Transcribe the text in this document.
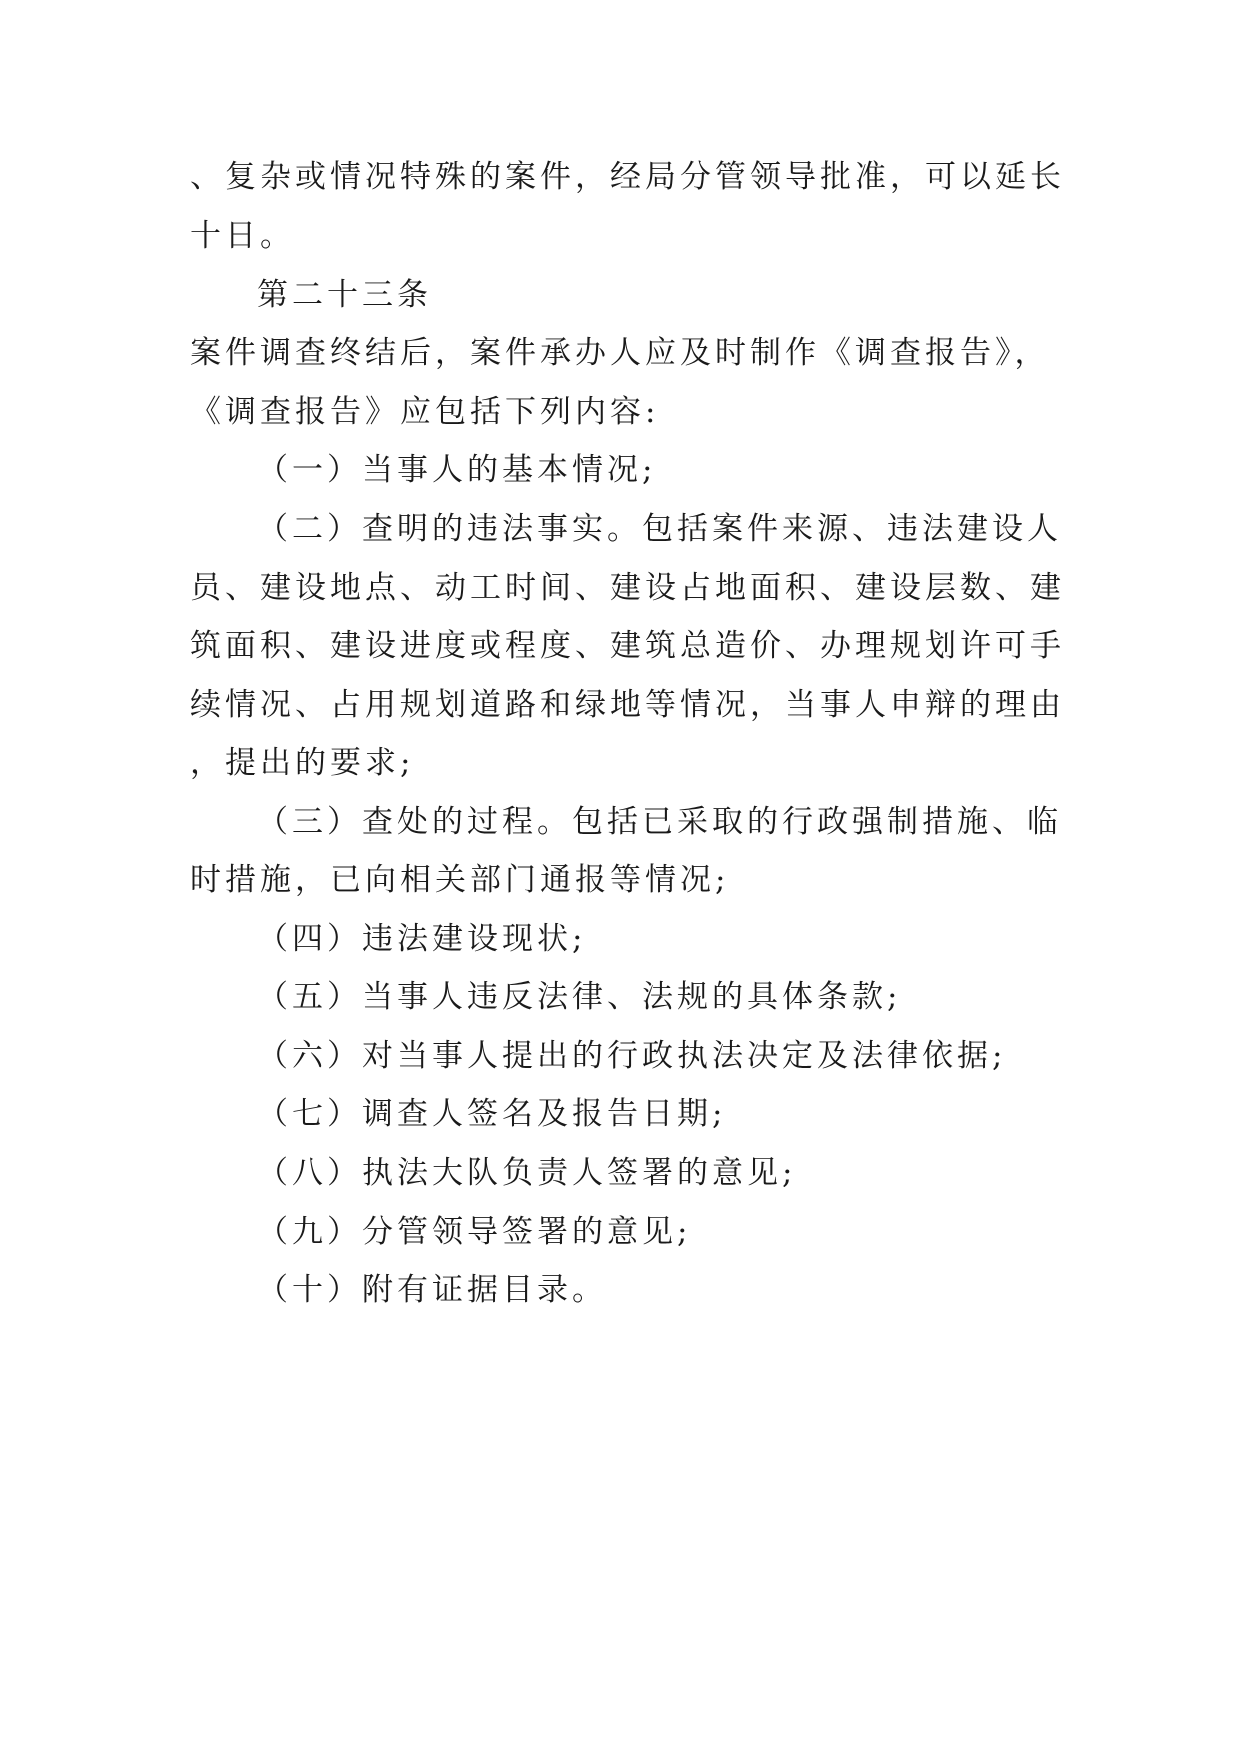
、复杂或情况特殊的案件，经局分管领导批准，可以延长
十日。
第二十三条
案件调查终结后，案件承办人应及时制作《调查报告》，
《调查报告》应包括下列内容:
（一）当事人的基本情况;
（二）查明的违法事实。包括案件来源、违法建设人
员、建设地点、动工时间、建设占地面积、建设层数、建
筑面积、建设进度或程度、建筑总造价、办理规划许可手
续情况、占用规划道路和绿地等情况，当事人申辩的理由
，提出的要求;
（三）查处的过程。包括已采取的行政强制措施、临
时措施，已向相关部门通报等情况;
（四）违法建设现状;
（五）当事人违反法律、法规的具体条款;
（六）对当事人提出的行政执法决定及法律依据;
（七）调查人签名及报告日期;
（八）执法大队负责人签署的意见;
（九）分管领导签署的意见;
（十）附有证据目录。
